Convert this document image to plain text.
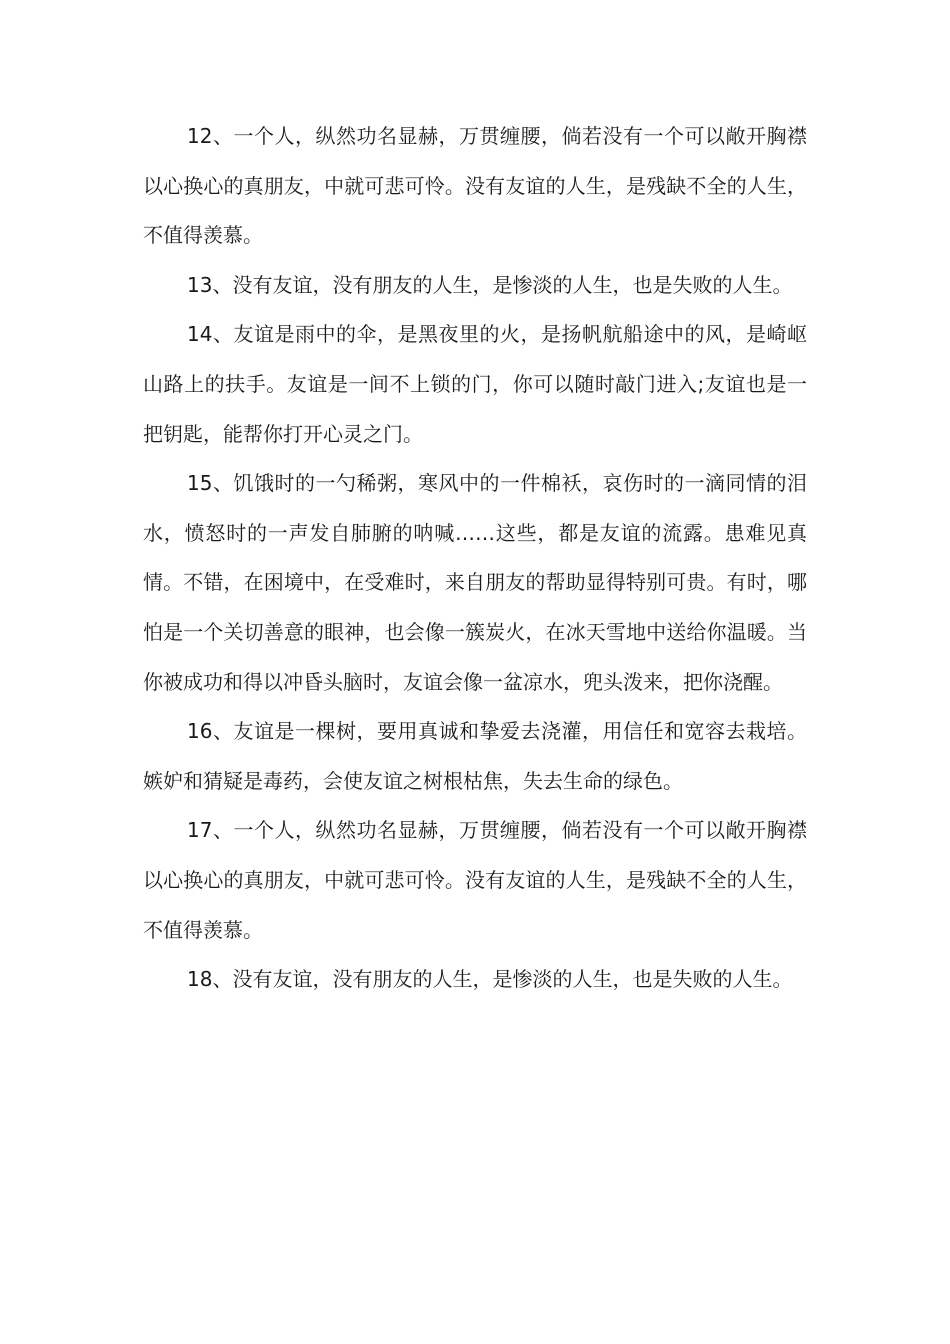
12、一个人，纵然功名显赫，万贯缠腰，倘若没有一个可以敞开胸襟以心换心的真朋友，中就可悲可怜。没有友谊的人生，是残缺不全的人生，不值得羡慕。

13、没有友谊，没有朋友的人生，是惨淡的人生，也是失败的人生。

14、友谊是雨中的伞，是黑夜里的火，是扬帆航船途中的风，是崎岖山路上的扶手。友谊是一间不上锁的门，你可以随时敲门进入;友谊也是一把钥匙，能帮你打开心灵之门。

15、饥饿时的一勺稀粥，寒风中的一件棉袄，哀伤时的一滴同情的泪水，愤怒时的一声发自肺腑的呐喊……这些，都是友谊的流露。患难见真情。不错，在困境中，在受难时，来自朋友的帮助显得特别可贵。有时，哪怕是一个关切善意的眼神，也会像一簇炭火，在冰天雪地中送给你温暖。当你被成功和得以冲昏头脑时，友谊会像一盆凉水，兜头泼来，把你浇醒。

16、友谊是一棵树，要用真诚和挚爱去浇灌，用信任和宽容去栽培。嫉妒和猜疑是毒药，会使友谊之树根枯焦，失去生命的绿色。

17、一个人，纵然功名显赫，万贯缠腰，倘若没有一个可以敞开胸襟以心换心的真朋友，中就可悲可怜。没有友谊的人生，是残缺不全的人生，不值得羡慕。

18、没有友谊，没有朋友的人生，是惨淡的人生，也是失败的人生。
